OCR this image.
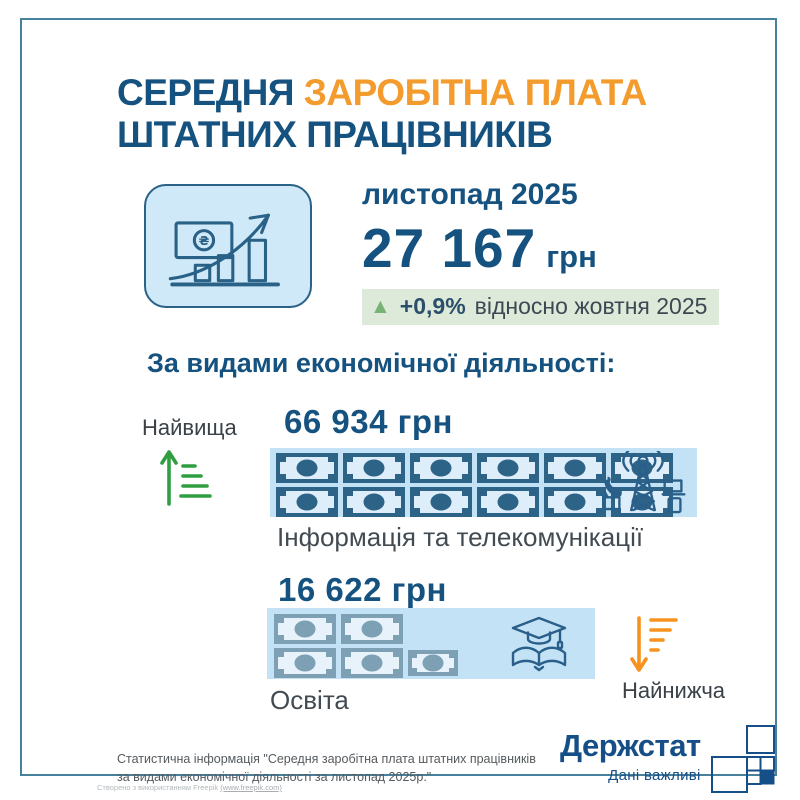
СЕРЕДНЯ ЗАРОБІТНА ПЛАТА
ШТАТНИХ ПРАЦІВНИКІВ
₴
листопад 2025
27 167 грн
▲ +0,9% відносно жовтня 2025
За видами економічної діяльності:
Найвища 66 934 грн
Інформація та телекомунікації
16 622 грн
Освіта	Найнижча
Статистична інформація "Середня заробітна плата штатних працівників
за видами економічної діяльності за листопад 2025р."
Держстат
Дані важливі
Створено з використанням Freepik (www.freepik.com)
